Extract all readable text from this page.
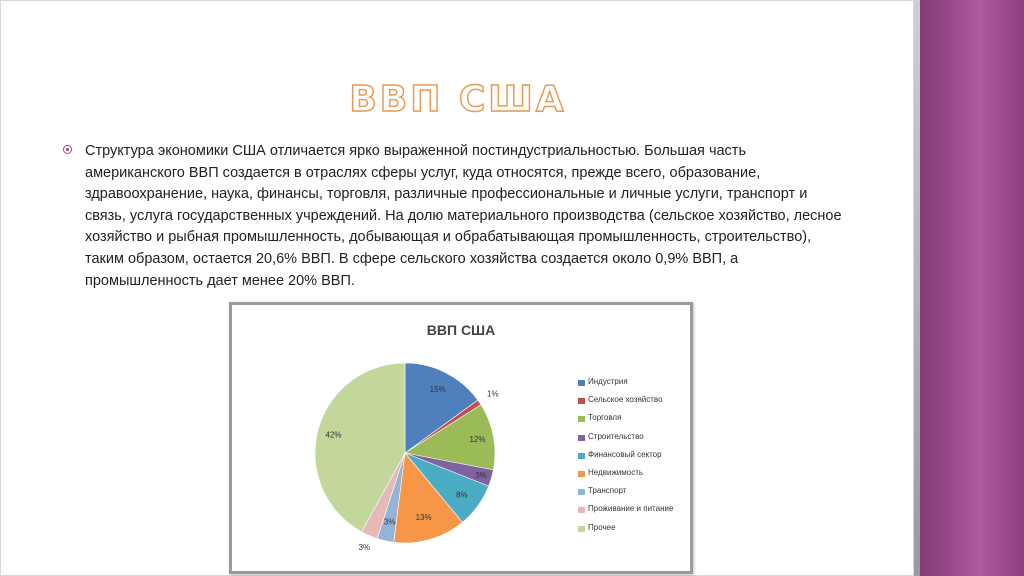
ВВП США
Структура экономики США отличается ярко выраженной постиндустриальностью. Большая часть американского ВВП создается в отраслях сферы услуг, куда относятся, прежде всего, образование, здравоохранение, наука, финансы, торговля, различные профессиональные и личные услуги, транспорт и связь, услуга государственных учреждений. На долю материального производства (сельское хозяйство, лесное хозяйство и рыбная промышленность, добывающая и обрабатывающая промышленность, строительство), таким образом, остается 20,6% ВВП. В сфере сельского хозяйства создается около 0,9% ВВП, а промышленность дает менее 20% ВВП.
ВВП США
15%	1%
12%
3%
8%
13%
3%
3%
42%
Индустрия
Сельское хозяйство
Торговля
Строительство
Финансовый сектор
Недвижимость
Транспорт
Проживание и питание
Прочее
